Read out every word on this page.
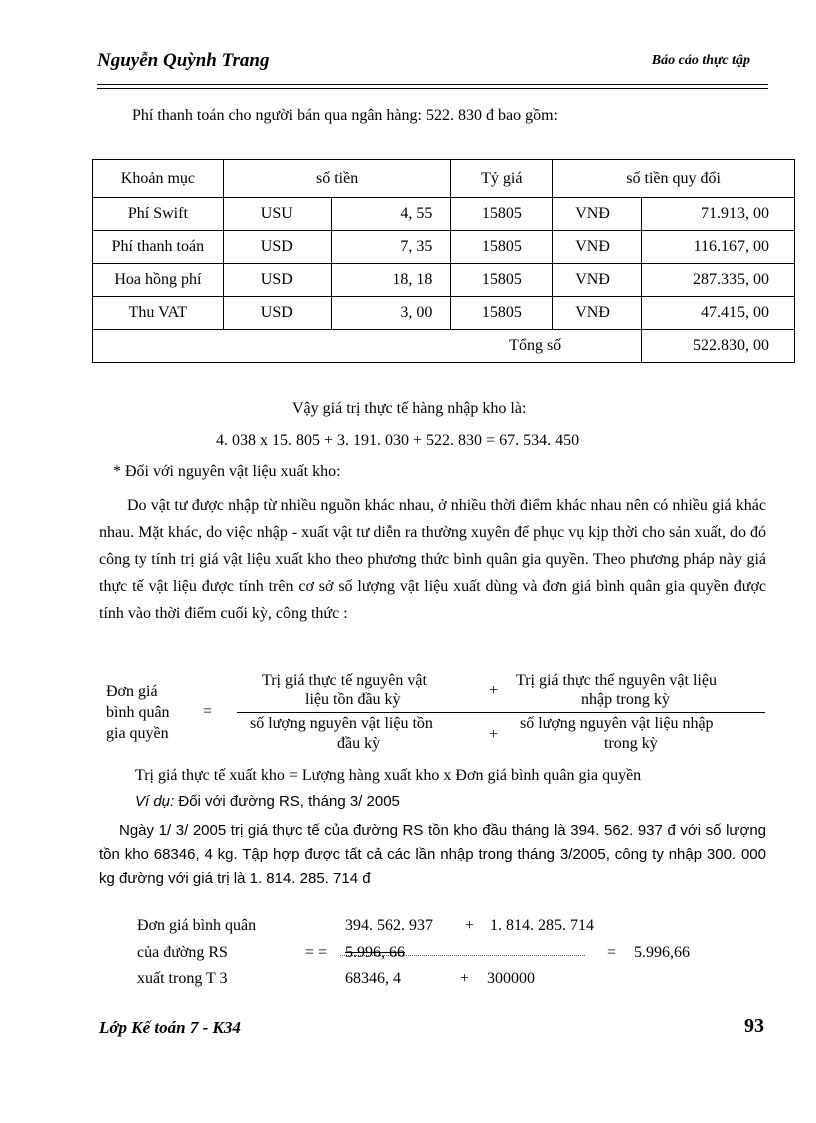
Nguyễn Quỳnh Trang	Báo cáo thực tập
Phí thanh toán cho người bán qua ngân hàng: 522. 830 đ bao gồm:
Khoản mục	số tiền		Tỷ giá	số tiền quy đổi	
Phí Swift	USU	4, 55	15805	VNĐ	71.913, 00
Phí thanh toán	USD	7, 35	15805	VNĐ	116.167, 00
Hoa hồng phí	USD	18, 18	15805	VNĐ	287.335, 00
Thu VAT	USD	3, 00	15805	VNĐ	47.415, 00
Tổng số					522.830, 00
Vậy giá trị thực tế hàng nhập kho là:
4. 038 x 15. 805 + 3. 191. 030 + 522. 830 = 67. 534. 450
* Đối với nguyên vật liệu xuất kho:

Do vật tư được nhập từ nhiều nguồn khác nhau, ở nhiều thời điểm khác nhau nên có nhiều giá khác nhau. Mặt khác, do việc nhập - xuất vật tư diễn ra thường xuyên để phục vụ kịp thời cho sản xuất, do đó công ty tính trị giá vật liệu xuất kho theo phương thức bình quân gia quyền. Theo phương pháp này giá thực tế vật liệu được tính trên cơ sở số lượng vật liệu xuất dùng và đơn giá bình quân gia quyền được tính vào thời điểm cuối kỳ, công thức :

Đơn giá
bình quân
gia quyền
=
Trị giá thực tế nguyên vật
liệu tồn đầu kỳ
+
Trị giá thực thế nguyên vật liệu
nhập trong kỳ
số lượng nguyên vật liệu tồn
đầu kỳ
+
số lượng nguyên vật liệu nhập
trong kỳ
Trị giá thực tế xuất kho = Lượng hàng xuất kho x Đơn giá bình quân gia quyền
Ví dụ: Đối với đường RS, tháng 3/ 2005

Ngày 1/ 3/ 2005 trị giá thực tế của đường RS tồn kho đầu tháng là 394. 562. 937 đ với số lượng tồn kho 68346, 4 kg. Tập hợp được tất cả các lần nhập trong tháng 3/2005, công ty nhập 300. 000 kg đường với giá trị là 1. 814. 285. 714 đ

Đơn giá bình quân
của đường RS
xuất trong T 3
394. 562. 937 + 1. 814. 285. 714
= = 5.996, 66	= 5.996,66
68346, 4	+ 300000
Lớp Kế toán 7 - K34	93
